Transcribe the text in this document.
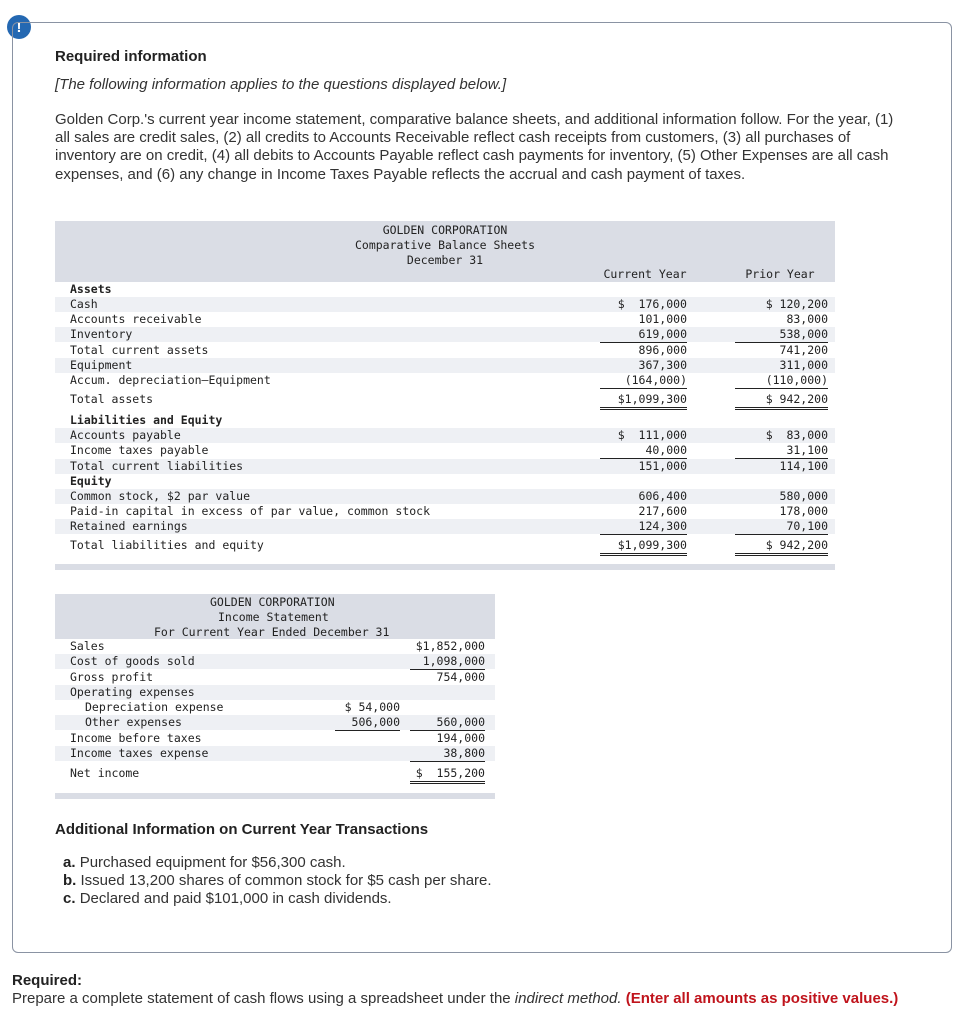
!
Required information
[The following information applies to the questions displayed below.]
Golden Corp.'s current year income statement, comparative balance sheets, and additional information follow. For the year, (1) all sales are credit sales, (2) all credits to Accounts Receivable reflect cash receipts from customers, (3) all purchases of inventory are on credit, (4) all debits to Accounts Payable reflect cash payments for inventory, (5) Other Expenses are all cash expenses, and (6) any change in Income Taxes Payable reflects the accrual and cash payment of taxes.
GOLDEN CORPORATION
Comparative Balance Sheets
December 31
Current Year	Prior Year
Assets
Cash	$  176,000	$ 120,200
Accounts receivable	101,000	83,000
Inventory	619,000	538,000
Total current assets	896,000	741,200
Equipment	367,300	311,000
Accum. depreciation—Equipment	(164,000)	(110,000)
Total assets	$1,099,300	$ 942,200
Liabilities and Equity
Accounts payable	$  111,000	$  83,000
Income taxes payable	40,000	31,100
Total current liabilities	151,000	114,100
Equity
Common stock, $2 par value	606,400	580,000
Paid-in capital in excess of par value, common stock	217,600	178,000
Retained earnings	124,300	70,100
Total liabilities and equity	$1,099,300	$ 942,200
GOLDEN CORPORATION
Income Statement
For Current Year Ended December 31
Sales	$1,852,000
Cost of goods sold	1,098,000
Gross profit	754,000
Operating expenses
Depreciation expense	$ 54,000
Other expenses	506,000	560,000
Income before taxes	194,000
Income taxes expense	38,800
Net income	$  155,200
Additional Information on Current Year Transactions
a. Purchased equipment for $56,300 cash.
b. Issued 13,200 shares of common stock for $5 cash per share.
c. Declared and paid $101,000 in cash dividends.
Required:
Prepare a complete statement of cash flows using a spreadsheet under the indirect method. (Enter all amounts as positive values.)
